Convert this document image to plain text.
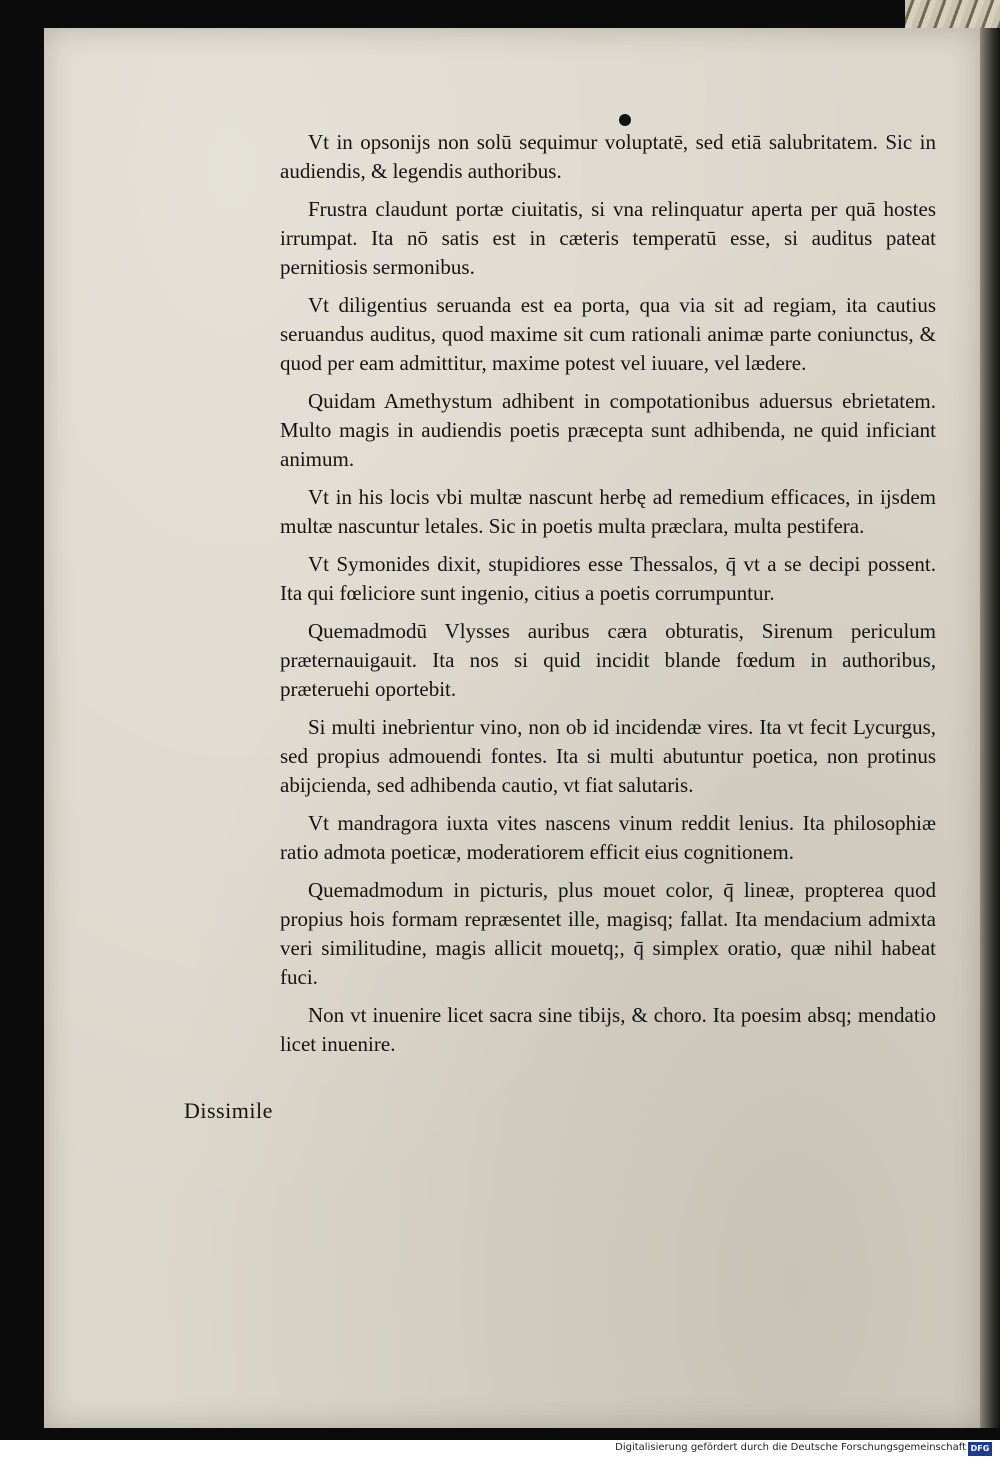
Vt in opsonijs non solū sequimur voluptatē, sed etiā salubritatem. Sic in audiendis, & legendis authoribus.

Frustra claudunt portæ ciuitatis, si vna relinquatur aperta per quā hostes irrumpat. Ita nō satis est in cæteris temperatū esse, si auditus pateat pernitiosis sermonibus.

Vt diligentius seruanda est ea porta, qua via sit ad regiam, ita cautius seruandus auditus, quod maxime sit cum rationali animæ parte coniunctus, & quod per eam admittitur, maxime potest vel iuuare, vel lædere.

Quidam Amethystum adhibent in compotationibus aduersus ebrietatem. Multo magis in audiendis poetis præcepta sunt adhibenda, ne quid inficiant animum.

Vt in his locis vbi multæ nascunt herbę ad remedium efficaces, in ijsdem multæ nascuntur letales. Sic in poetis multa præclara, multa pestifera.

Vt Symonides dixit, stupidiores esse Thessalos, q̄ vt a se decipi possent. Ita qui fœliciore sunt ingenio, citius a poetis corrumpuntur.

Quemadmodū Vlysses auribus cæra obturatis, Sirenum periculum præternauigauit. Ita nos si quid incidit blande fœdum in authoribus, præteruehi oportebit.

Si multi inebrientur vino, non ob id incidendæ vires. Ita vt fecit Lycurgus, sed propius admouendi fontes. Ita si multi abutuntur poetica, non protinus abijcienda, sed adhibenda cautio, vt fiat salutaris.

Vt mandragora iuxta vites nascens vinum reddit lenius. Ita philosophiæ ratio admota poeticæ, moderatiorem efficit eius cognitionem.

Quemadmodum in picturis, plus mouet color, q̄ lineæ, propterea quod propius hois formam repræsentet ille, magisq; fallat. Ita mendacium admixta veri similitudine, magis allicit mouetq;, q̄ simplex oratio, quæ nihil habeat fuci.

Non vt inuenire licet sacra sine tibijs, & choro. Ita poesim absq; mendatio licet inuenire.

Dissimile
Digitalisierung gefördert durch die Deutsche Forschungsgemeinschaft DFG
